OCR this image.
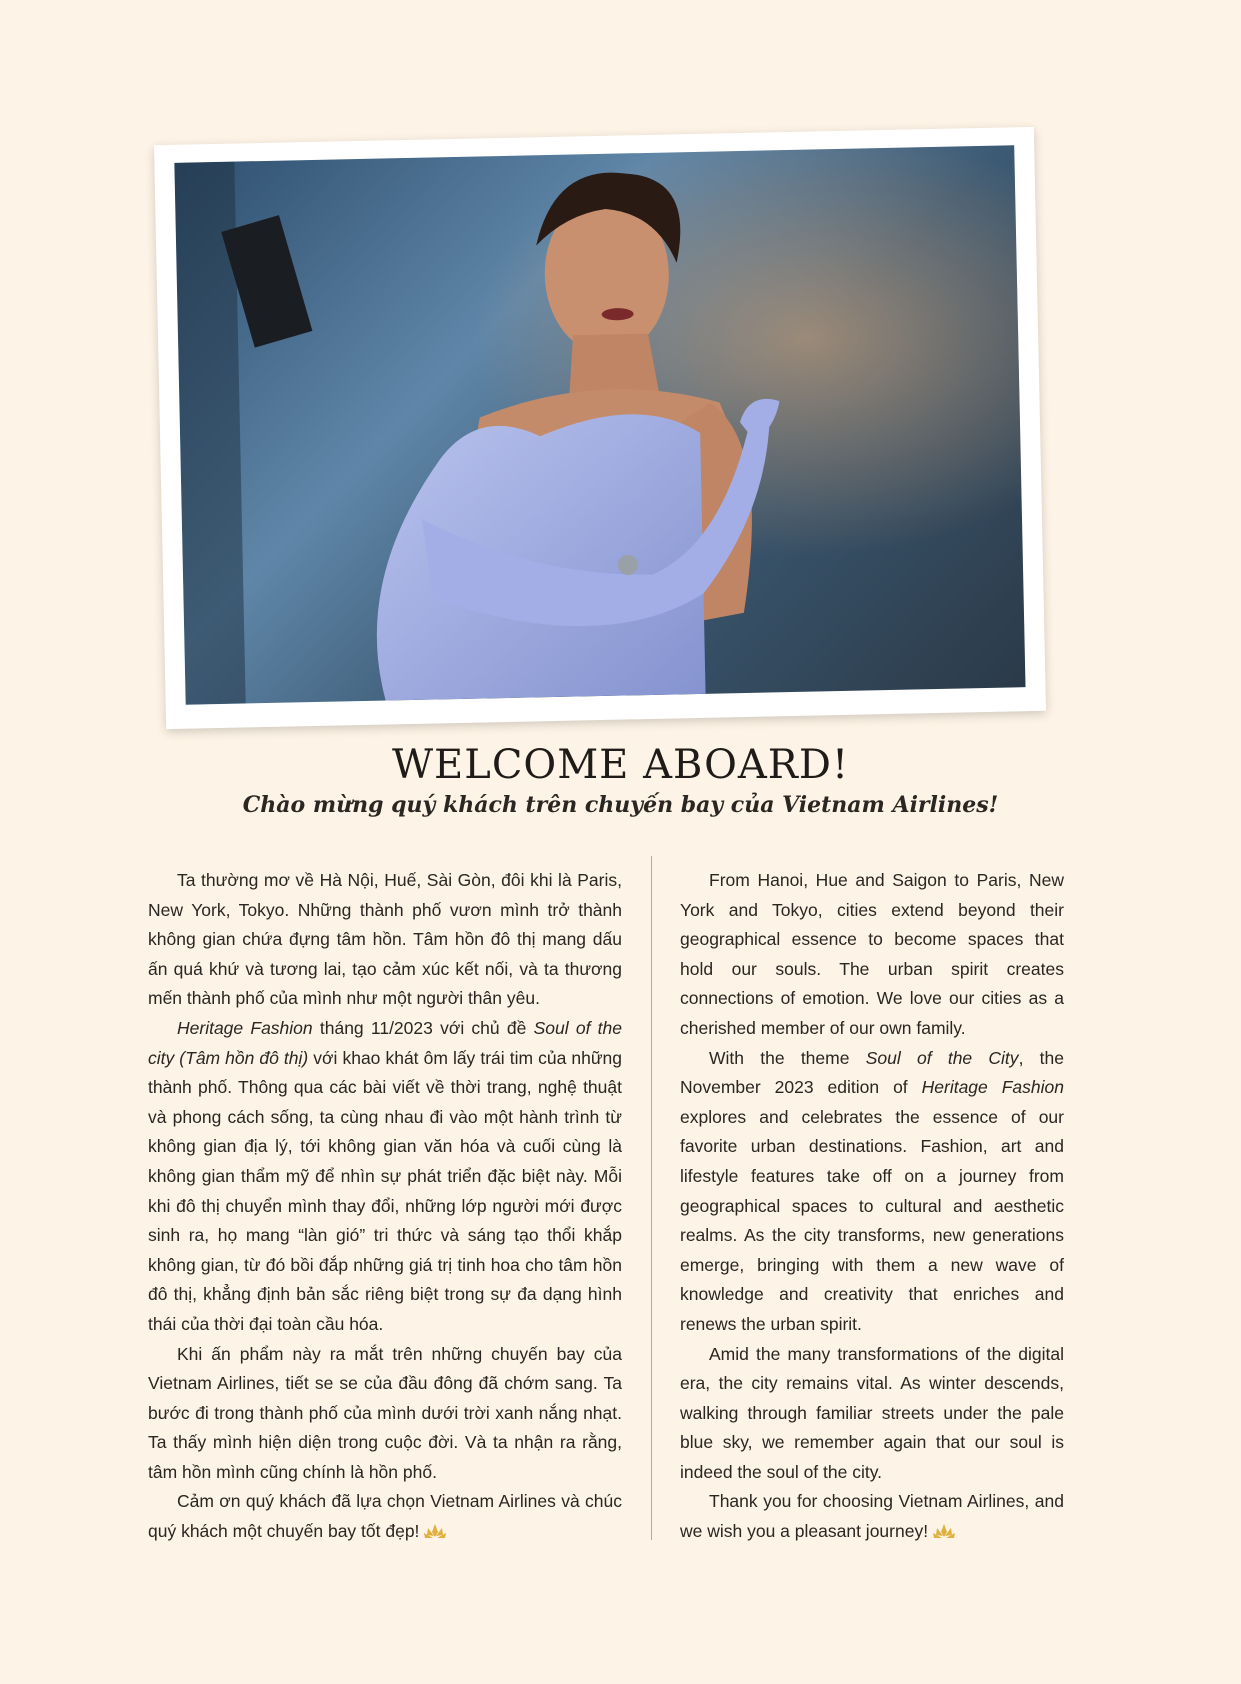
WELCOME ABOARD!
Chào mừng quý khách trên chuyến bay của Vietnam Airlines!

Ta thường mơ về Hà Nội, Huế, Sài Gòn, đôi khi là Paris, New York, Tokyo. Những thành phố vươn mình trở thành không gian chứa đựng tâm hồn. Tâm hồn đô thị mang dấu ấn quá khứ và tương lai, tạo cảm xúc kết nối, và ta thương mến thành phố của mình như một người thân yêu.

Heritage Fashion tháng 11/2023 với chủ đề Soul of the city (Tâm hồn đô thị) với khao khát ôm lấy trái tim của những thành phố. Thông qua các bài viết về thời trang, nghệ thuật và phong cách sống, ta cùng nhau đi vào một hành trình từ không gian địa lý, tới không gian văn hóa và cuối cùng là không gian thẩm mỹ để nhìn sự phát triển đặc biệt này. Mỗi khi đô thị chuyển mình thay đổi, những lớp người mới được sinh ra, họ mang “làn gió” tri thức và sáng tạo thổi khắp không gian, từ đó bồi đắp những giá trị tinh hoa cho tâm hồn đô thị, khẳng định bản sắc riêng biệt trong sự đa dạng hình thái của thời đại toàn cầu hóa.

Khi ấn phẩm này ra mắt trên những chuyến bay của Vietnam Airlines, tiết se se của đầu đông đã chớm sang. Ta bước đi trong thành phố của mình dưới trời xanh nắng nhạt. Ta thấy mình hiện diện trong cuộc đời. Và ta nhận ra rằng, tâm hồn mình cũng chính là hồn phố.

Cảm ơn quý khách đã lựa chọn Vietnam Airlines và chúc quý khách một chuyến bay tốt đẹp!

From Hanoi, Hue and Saigon to Paris, New York and Tokyo, cities extend beyond their geographical essence to become spaces that hold our souls. The urban spirit creates connections of emotion. We love our cities as a cherished member of our own family.

With the theme Soul of the City, the November 2023 edition of Heritage Fashion explores and celebrates the essence of our favorite urban destinations. Fashion, art and lifestyle features take off on a journey from geographical spaces to cultural and aesthetic realms. As the city transforms, new generations emerge, bringing with them a new wave of knowledge and creativity that enriches and renews the urban spirit.

Amid the many transformations of the digital era, the city remains vital. As winter descends, walking through familiar streets under the pale blue sky, we remember again that our soul is indeed the soul of the city.

Thank you for choosing Vietnam Airlines, and we wish you a pleasant journey!
